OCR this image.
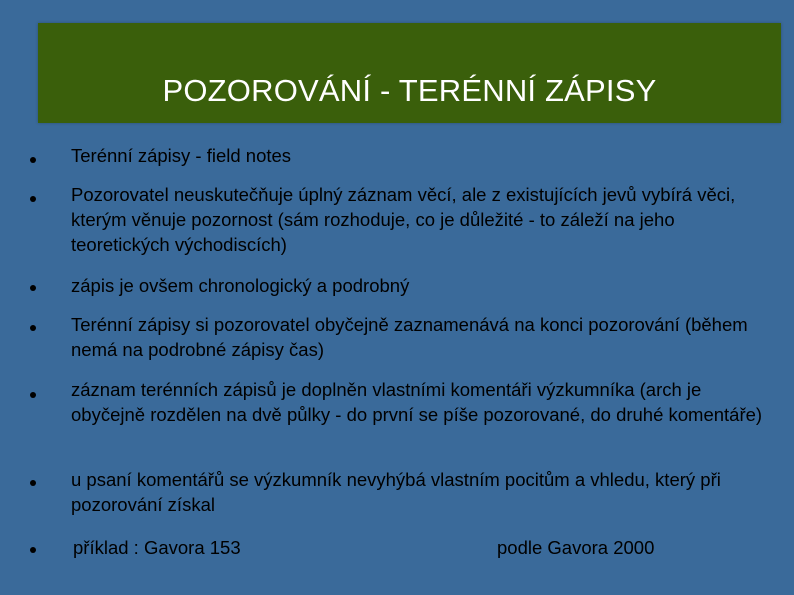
POZOROVÁNÍ - TERÉNNÍ ZÁPISY
Terénní zápisy - field notes
Pozorovatel neuskutečňuje úplný záznam věcí, ale z existujících jevů vybírá věci, kterým věnuje pozornost (sám rozhoduje, co je důležité - to záleží na jeho teoretických východiscích)
zápis je ovšem chronologický a podrobný
Terénní zápisy si pozorovatel obyčejně zaznamenává na konci pozorování (během nemá na podrobné zápisy čas)
záznam terénních zápisů je doplněn vlastními komentáři výzkumníka (arch je obyčejně rozdělen na dvě půlky - do první se píše pozorované, do druhé komentáře)
u psaní komentářů se výzkumník nevyhýbá vlastním pocitům a vhledu, který při pozorování získal
příklad : Gavora 153	podle Gavora 2000
